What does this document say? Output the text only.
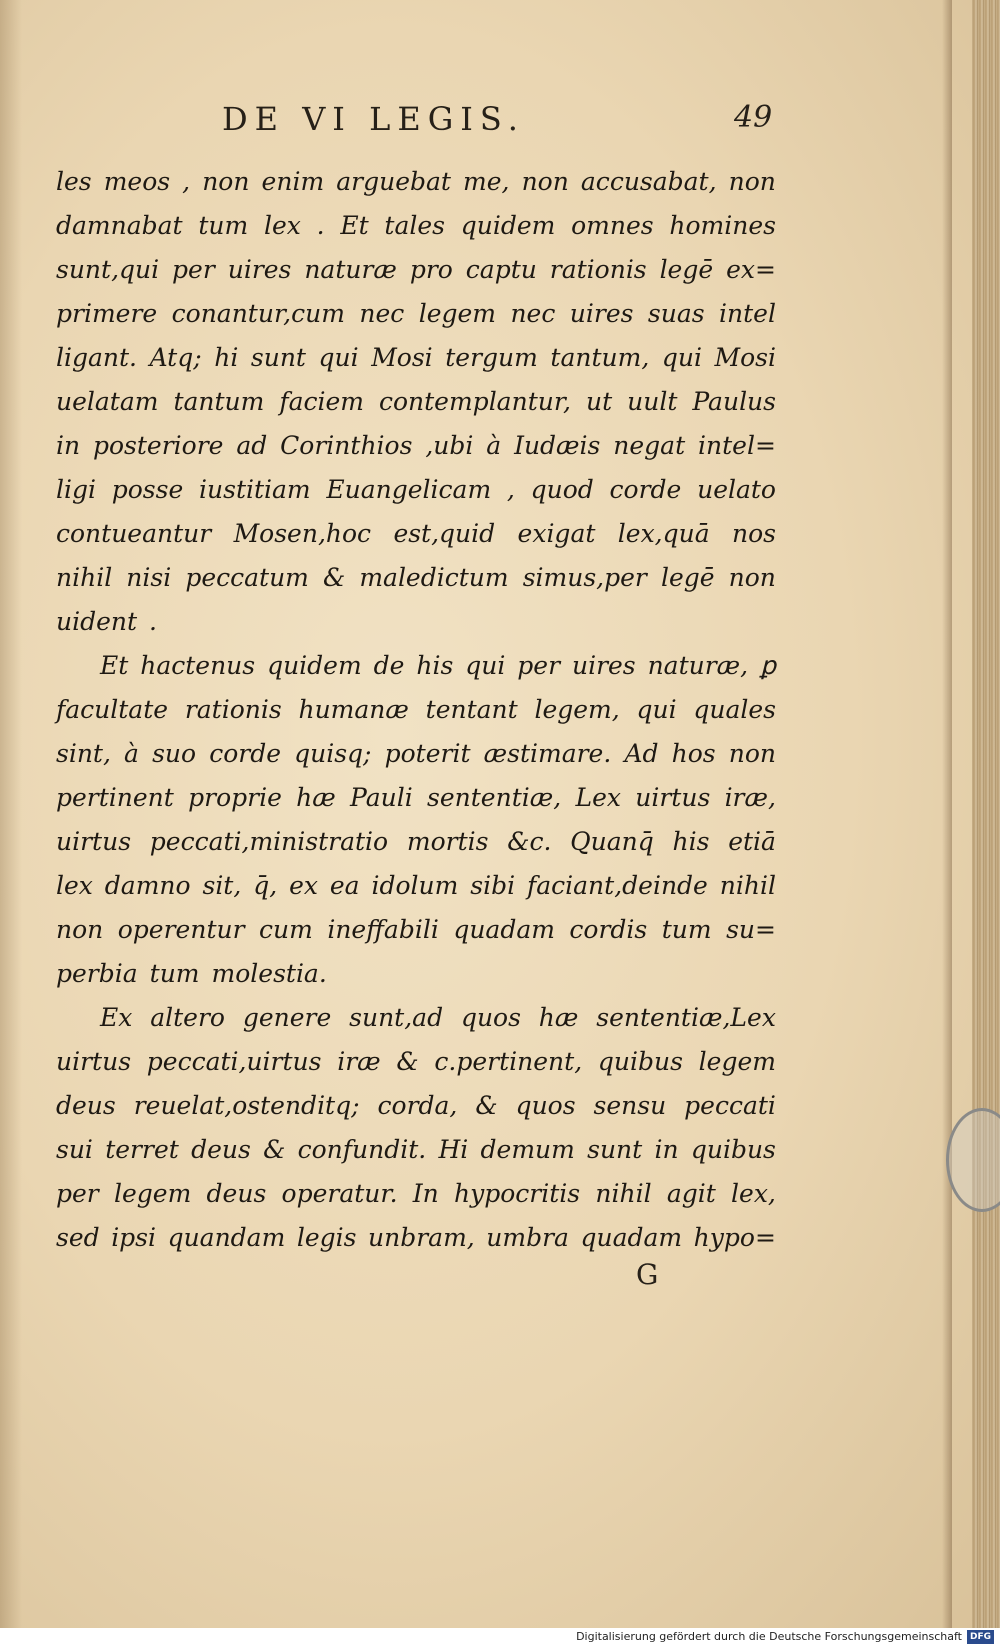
DE VI LEGIS.	49
les meos , non enim arguebat me, non accusabat, non
damnabat tum lex . Et tales quidem omnes homines
sunt,qui per uires naturæ pro captu rationis legē ex=
primere conantur,cum nec legem nec uires suas intel
ligant. Atq; hi sunt qui Mosi tergum tantum, qui Mosi
uelatam tantum faciem contemplantur, ut uult Paulus
in posteriore ad Corinthios ,ubi à Iudæis negat intel=
ligi posse iustitiam Euangelicam , quod corde uelato
contueantur Mosen,hoc est,quid exigat lex,quā nos
nihil nisi peccatum & maledictum simus,per legē non
uident .
Et hactenus quidem de his qui per uires naturæ, ꝑ
facultate rationis humanæ tentant legem, qui quales
sint, à suo corde quisq; poterit æstimare. Ad hos non
pertinent proprie hæ Pauli sententiæ, Lex uirtus iræ,
uirtus peccati,ministratio mortis &c. Quanq̄ his etiā
lex damno sit, q̄, ex ea idolum sibi faciant,deinde nihil
non operentur cum ineffabili quadam cordis tum su=
perbia tum molestia.
Ex altero genere sunt,ad quos hæ sententiæ,Lex
uirtus peccati,uirtus iræ & c.pertinent, quibus legem
deus reuelat,ostenditq; corda, & quos sensu peccati
sui terret deus & confundit. Hi demum sunt in quibus
per legem deus operatur. In hypocritis nihil agit lex,
sed ipsi quandam legis unbram, umbra quadam hypo=
G
Digitalisierung gefördert durch die Deutsche Forschungsgemeinschaft DFG
